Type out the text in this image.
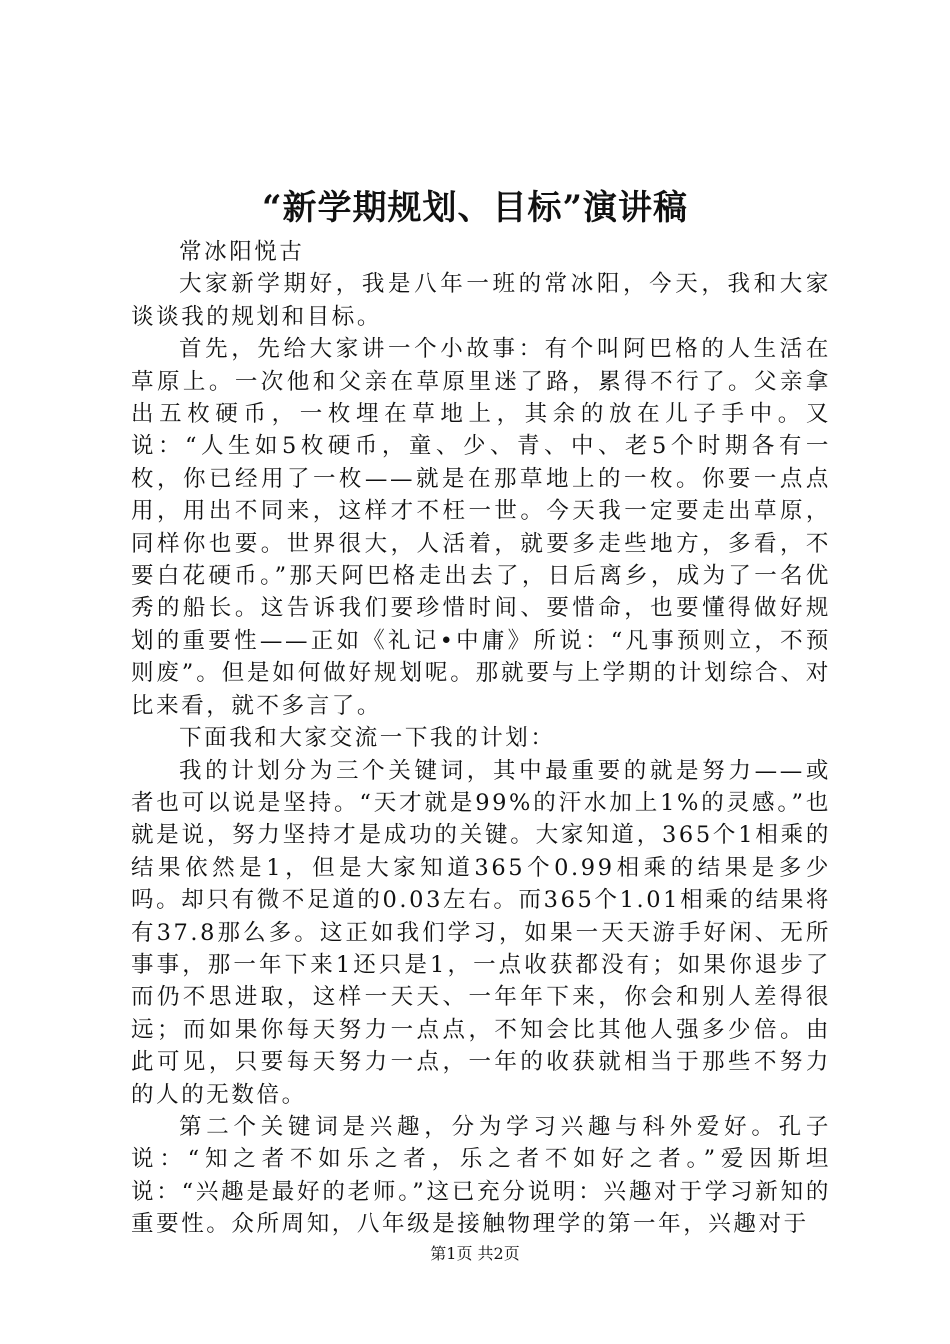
“新学期规划、目标”演讲稿

常冰阳悦古

大家新学期好，我是八年一班的常冰阳，今天，我和大家谈谈我的规划和目标。

首先，先给大家讲一个小故事：有个叫阿巴格的人生活在草原上。一次他和父亲在草原里迷了路，累得不行了。父亲拿出五枚硬币，一枚埋在草地上，其余的放在儿子手中。又说：“人生如5枚硬币，童、少、青、中、老5个时期各有一枚，你已经用了一枚——就是在那草地上的一枚。你要一点点用，用出不同来，这样才不枉一世。今天我一定要走出草原，同样你也要。世界很大，人活着，就要多走些地方，多看，不要白花硬币。”那天阿巴格走出去了，日后离乡，成为了一名优秀的船长。这告诉我们要珍惜时间、要惜命，也要懂得做好规划的重要性——正如《礼记•中庸》所说：“凡事预则立，不预则废”。但是如何做好规划呢。那就要与上学期的计划综合、对比来看，就不多言了。

下面我和大家交流一下我的计划：

我的计划分为三个关键词，其中最重要的就是努力——或者也可以说是坚持。“天才就是99%的汗水加上1%的灵感。”也就是说，努力坚持才是成功的关键。大家知道，365个1相乘的结果依然是1，但是大家知道365个0.99相乘的结果是多少吗。却只有微不足道的0.03左右。而365个1.01相乘的结果将有37.8那么多。这正如我们学习，如果一天天游手好闲、无所事事，那一年下来1还只是1，一点收获都没有；如果你退步了而仍不思进取，这样一天天、一年年下来，你会和别人差得很远；而如果你每天努力一点点，不知会比其他人强多少倍。由此可见，只要每天努力一点，一年的收获就相当于那些不努力的人的无数倍。

第二个关键词是兴趣，分为学习兴趣与科外爱好。孔子说：“知之者不如乐之者，乐之者不如好之者。”爱因斯坦说：“兴趣是最好的老师。”这已充分说明：兴趣对于学习新知的重要性。众所周知，八年级是接触物理学的第一年，兴趣对于

第1页 共2页
